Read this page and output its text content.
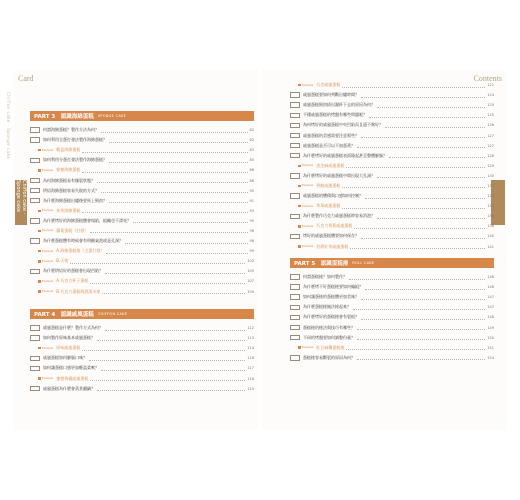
Card
Chiffon cake · Sponge cake
Chiffon cake · Sponge cake
PART 3　認識海綿蛋糕 SPONGE CAKE
何謂海綿蛋糕？製作方法為何？	82
如何利用全蛋打發法製作海綿蛋糕？	82
Example 輕盈海綿蛋糕	83
如何利用分蛋打發法製作海綿蛋糕？	85
Example 蜂蜜海綿蛋糕	86
為何海綿蛋糕易有爆裂狀態？	88
烘焙海綿蛋糕容易失敗的方式？	90
為什麼海綿蛋糕出爐後要馬上倒扣？	91
Example 抹茶海綿蛋糕	93
為什麼烤好的海綿蛋糕體會塌陷，組織也不漂亮？	95
Example 蘿蔔蛋糕（打發）	96
為什麼蛋糕體有時候會有明顯氣泡或是孔洞？	98
Example A.海綿蛋糕捲（全蛋打發）	99
Example B.天使	102
為什麼烘焙好的蛋糕會出現凹陷？	105
Example A.巧克力杯子蛋糕	107
Example B.巧克力蛋糕與酒漬水果	109
PART 4　認識戚風蛋糕 CHIFFON CAKE
戚風蛋糕是什麼？製作方式為何？	112
如何製作原味基本戚風蛋糕？	113
Example 原味戚風蛋糕	114
戚風蛋糕如何膨脹口味？	116
如何讓蛋糕口感更加輕盈柔軟？	117
Example 蜜橙香橘戚風蛋糕	118
戚風蛋糕為什麼會蒸煮翻鍋？	119
Contents
Example 巧克戚風蛋糕	121
戚風蛋糕要如何判斷出爐時間？	124
戚風蛋糕倒扣拔出漏杯下去的原因為何？	125
不懂戚風蛋糕的烤盤有哪些問題呢？	125
為何烤好的戚風蛋糕中央凹陷而且還不夠好？	126
戚風蛋糕的美感需要注意那些？	127
戚風蛋糕是否可以不加蛋黃？	127
為什麼烤好的戚風蛋糕表面隆起甚至整體膨脹？	128
Example 黑芝麻戚風蛋糕	129
為什麼烤好的戚風蛋糕中間出現大孔洞？	130
Example 香醇戚風蛋糕	131
戚風蛋糕的體積與口感如何控制？	134
Example 草莓戚風蛋糕	135
為什麼製作巧克力戚風蛋糕時容易消泡？	136
Example 巧克力香蕉戚風蛋糕	138
烤好的戚風蛋糕體要如何保存？	140
Example 伯爵紅茶戚風蛋糕	141
PART 5　認識蛋糕捲 ROLL CAKE
何謂蛋糕捲？如何製作？	146
為什麼烤不好蛋糕捲要如何編組？	146
如何讓蛋捲的蛋糕體更加美味？	147
為什麼蛋糕捲無法捲起來？	147
為什麼烤好的蛋糕捲會有裂痕？	148
蛋糕捲的捲法與技巧有哪些？	149
不同的烤盤要如何調整份量？	150
Example 紅豆麻糬蛋糕捲	151
蛋糕捲容易斷裂的原因為何？	154
